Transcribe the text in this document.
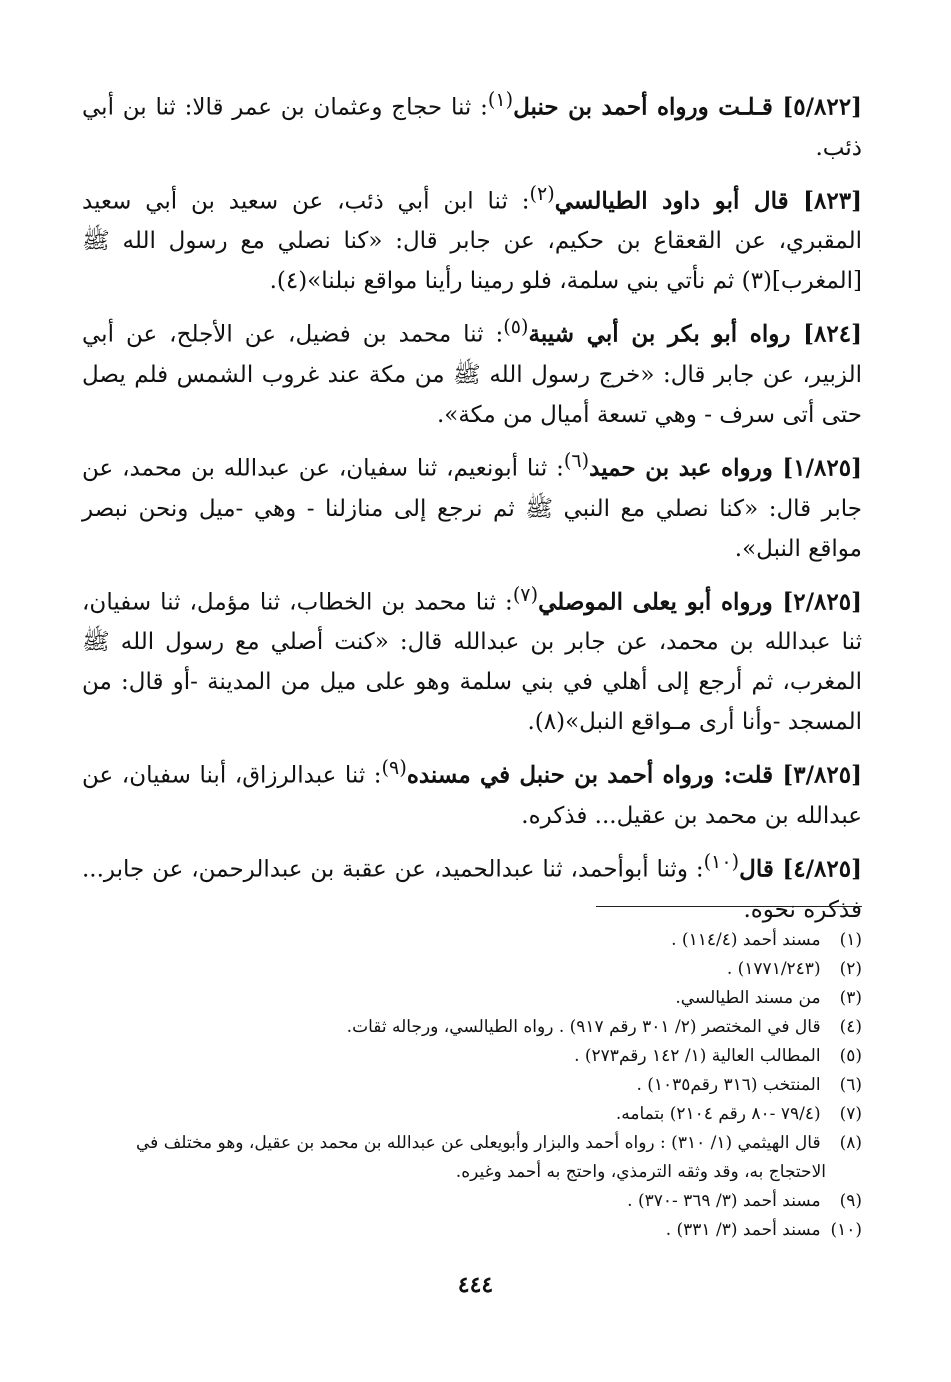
[٥/٨٢٢] قـلـت ورواه أحمد بن حنبل$^{(١)}$: ثنا حجاج وعثمان بن عمر قالا: ثنا بن أبي ذئب.

[٨٢٣] قال أبو داود الطيالسي$^{(٢)}$: ثنا ابن أبي ذئب، عن سعيد بن أبي سعيد المقبري، عن القعقاع بن حكيم، عن جابر قال: «كنا نصلي مع رسول الله ﷺ [المغرب](٣) ثم نأتي بني سلمة، فلو رمينا رأينا مواقع نبلنا»(٤).

[٨٢٤] رواه أبو بكر بن أبي شيبة$^{(٥)}$: ثنا محمد بن فضيل، عن الأجلح، عن أبي الزبير، عن جابر قال: «خرج رسول الله ﷺ من مكة عند غروب الشمس فلم يصل حتى أتى سرف - وهي تسعة أميال من مكة».

[١/٨٢٥] ورواه عبد بن حميد$^{(٦)}$: ثنا أبونعيم، ثنا سفيان، عن عبدالله بن محمد، عن جابر قال: «كنا نصلي مع النبي ﷺ ثم نرجع إلى منازلنا - وهي -ميل ونحن نبصر مواقع النبل».

[٢/٨٢٥] ورواه أبو يعلى الموصلي$^{(٧)}$: ثنا محمد بن الخطاب، ثنا مؤمل، ثنا سفيان، ثنا عبدالله بن محمد، عن جابر بن عبدالله قال: «كنت أصلي مع رسول الله ﷺ المغرب، ثم أرجع إلى أهلي في بني سلمة وهو على ميل من المدينة -أو قال: من المسجد -وأنا أرى مـواقع النبل»(٨).

[٣/٨٢٥] قلت: ورواه أحمد بن حنبل في مسنده$^{(٩)}$: ثنا عبدالرزاق، أبنا سفيان، عن عبدالله بن محمد بن عقيل... فذكره.

[٤/٨٢٥] قال$^{(١٠)}$: وثنا أبوأحمد، ثنا عبدالحميد، عن عقبة بن عبدالرحمن، عن جابر... فذكره نحوه.

(١) مسند أحمد (١١٤/٤) .

(٢) (١٧٧١/٢٤٣) .

(٣) من مسند الطيالسي.

(٤) قال في المختصر (٢/ ٣٠١ رقم ٩١٧) . رواه الطيالسي، ورجاله ثقات.

(٥) المطالب العالية (١/ ١٤٢ رقم٢٧٣) .

(٦) المنتخب (٣١٦ رقم١٠٣٥) .

(٧) (٧٩/٤ -٨٠ رقم ٢١٠٤) بتمامه.

(٨) قال الهيثمي (١/ ٣١٠) : رواه أحمد والبزار وأبويعلى عن عبدالله بن محمد بن عقيل، وهو مختلف في

الاحتجاج به، وقد وثقه الترمذي، واحتج به أحمد وغيره.

(٩) مسند أحمد (٣/ ٣٦٩ -٣٧٠) .

(١٠) مسند أحمد (٣/ ٣٣١) .

٤٤٤
